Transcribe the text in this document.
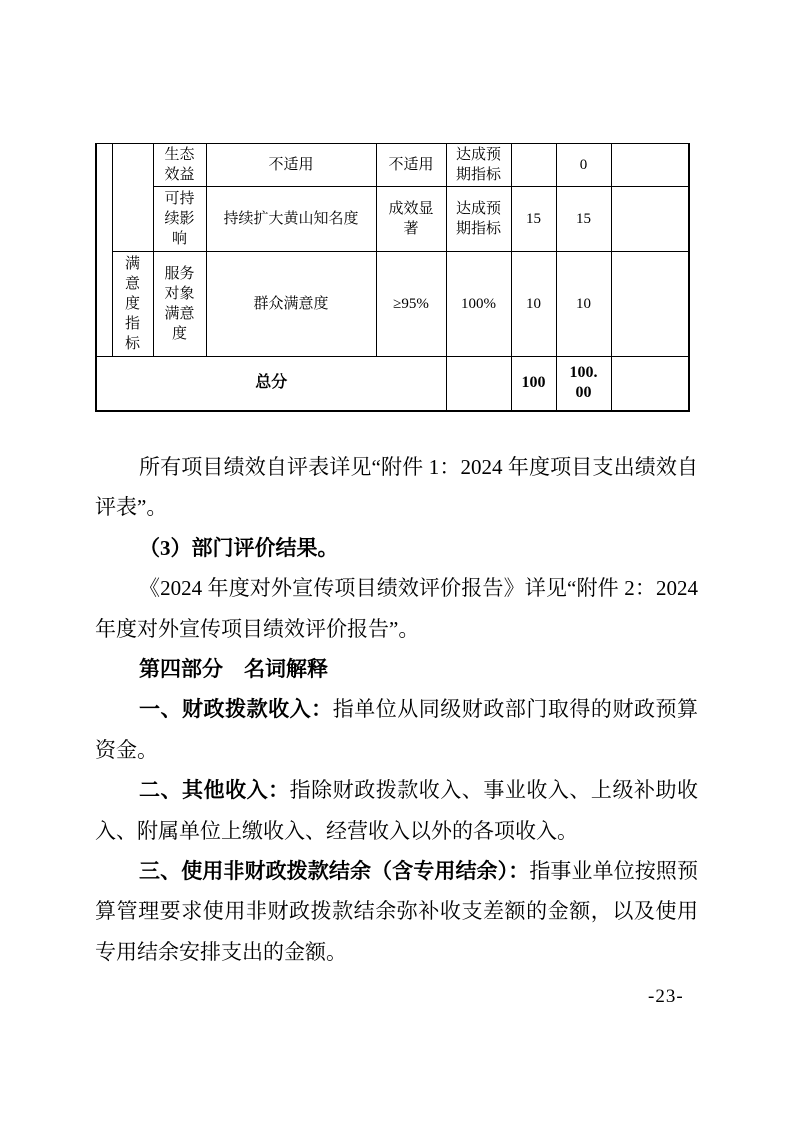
		生态效益	不适用	不适用	达成预期指标		0	
		可持续影响	持续扩大黄山知名度	成效显著	达成预期指标	15	15	
	满意度指标	服务对象满意度	群众满意度	≥95%	100%	10	10	
总分						100	100.00	

所有项目绩效自评表详见“附件 1：2024 年度项目支出绩效自评表”。

（3）部门评价结果。

《2024 年度对外宣传项目绩效评价报告》详见“附件 2：2024 年度对外宣传项目绩效评价报告”。

第四部分　名词解释

一、财政拨款收入：指单位从同级财政部门取得的财政预算资金。

二、其他收入：指除财政拨款收入、事业收入、上级补助收入、附属单位上缴收入、经营收入以外的各项收入。

三、使用非财政拨款结余（含专用结余）：指事业单位按照预算管理要求使用非财政拨款结余弥补收支差额的金额，以及使用专用结余安排支出的金额。

-23-
